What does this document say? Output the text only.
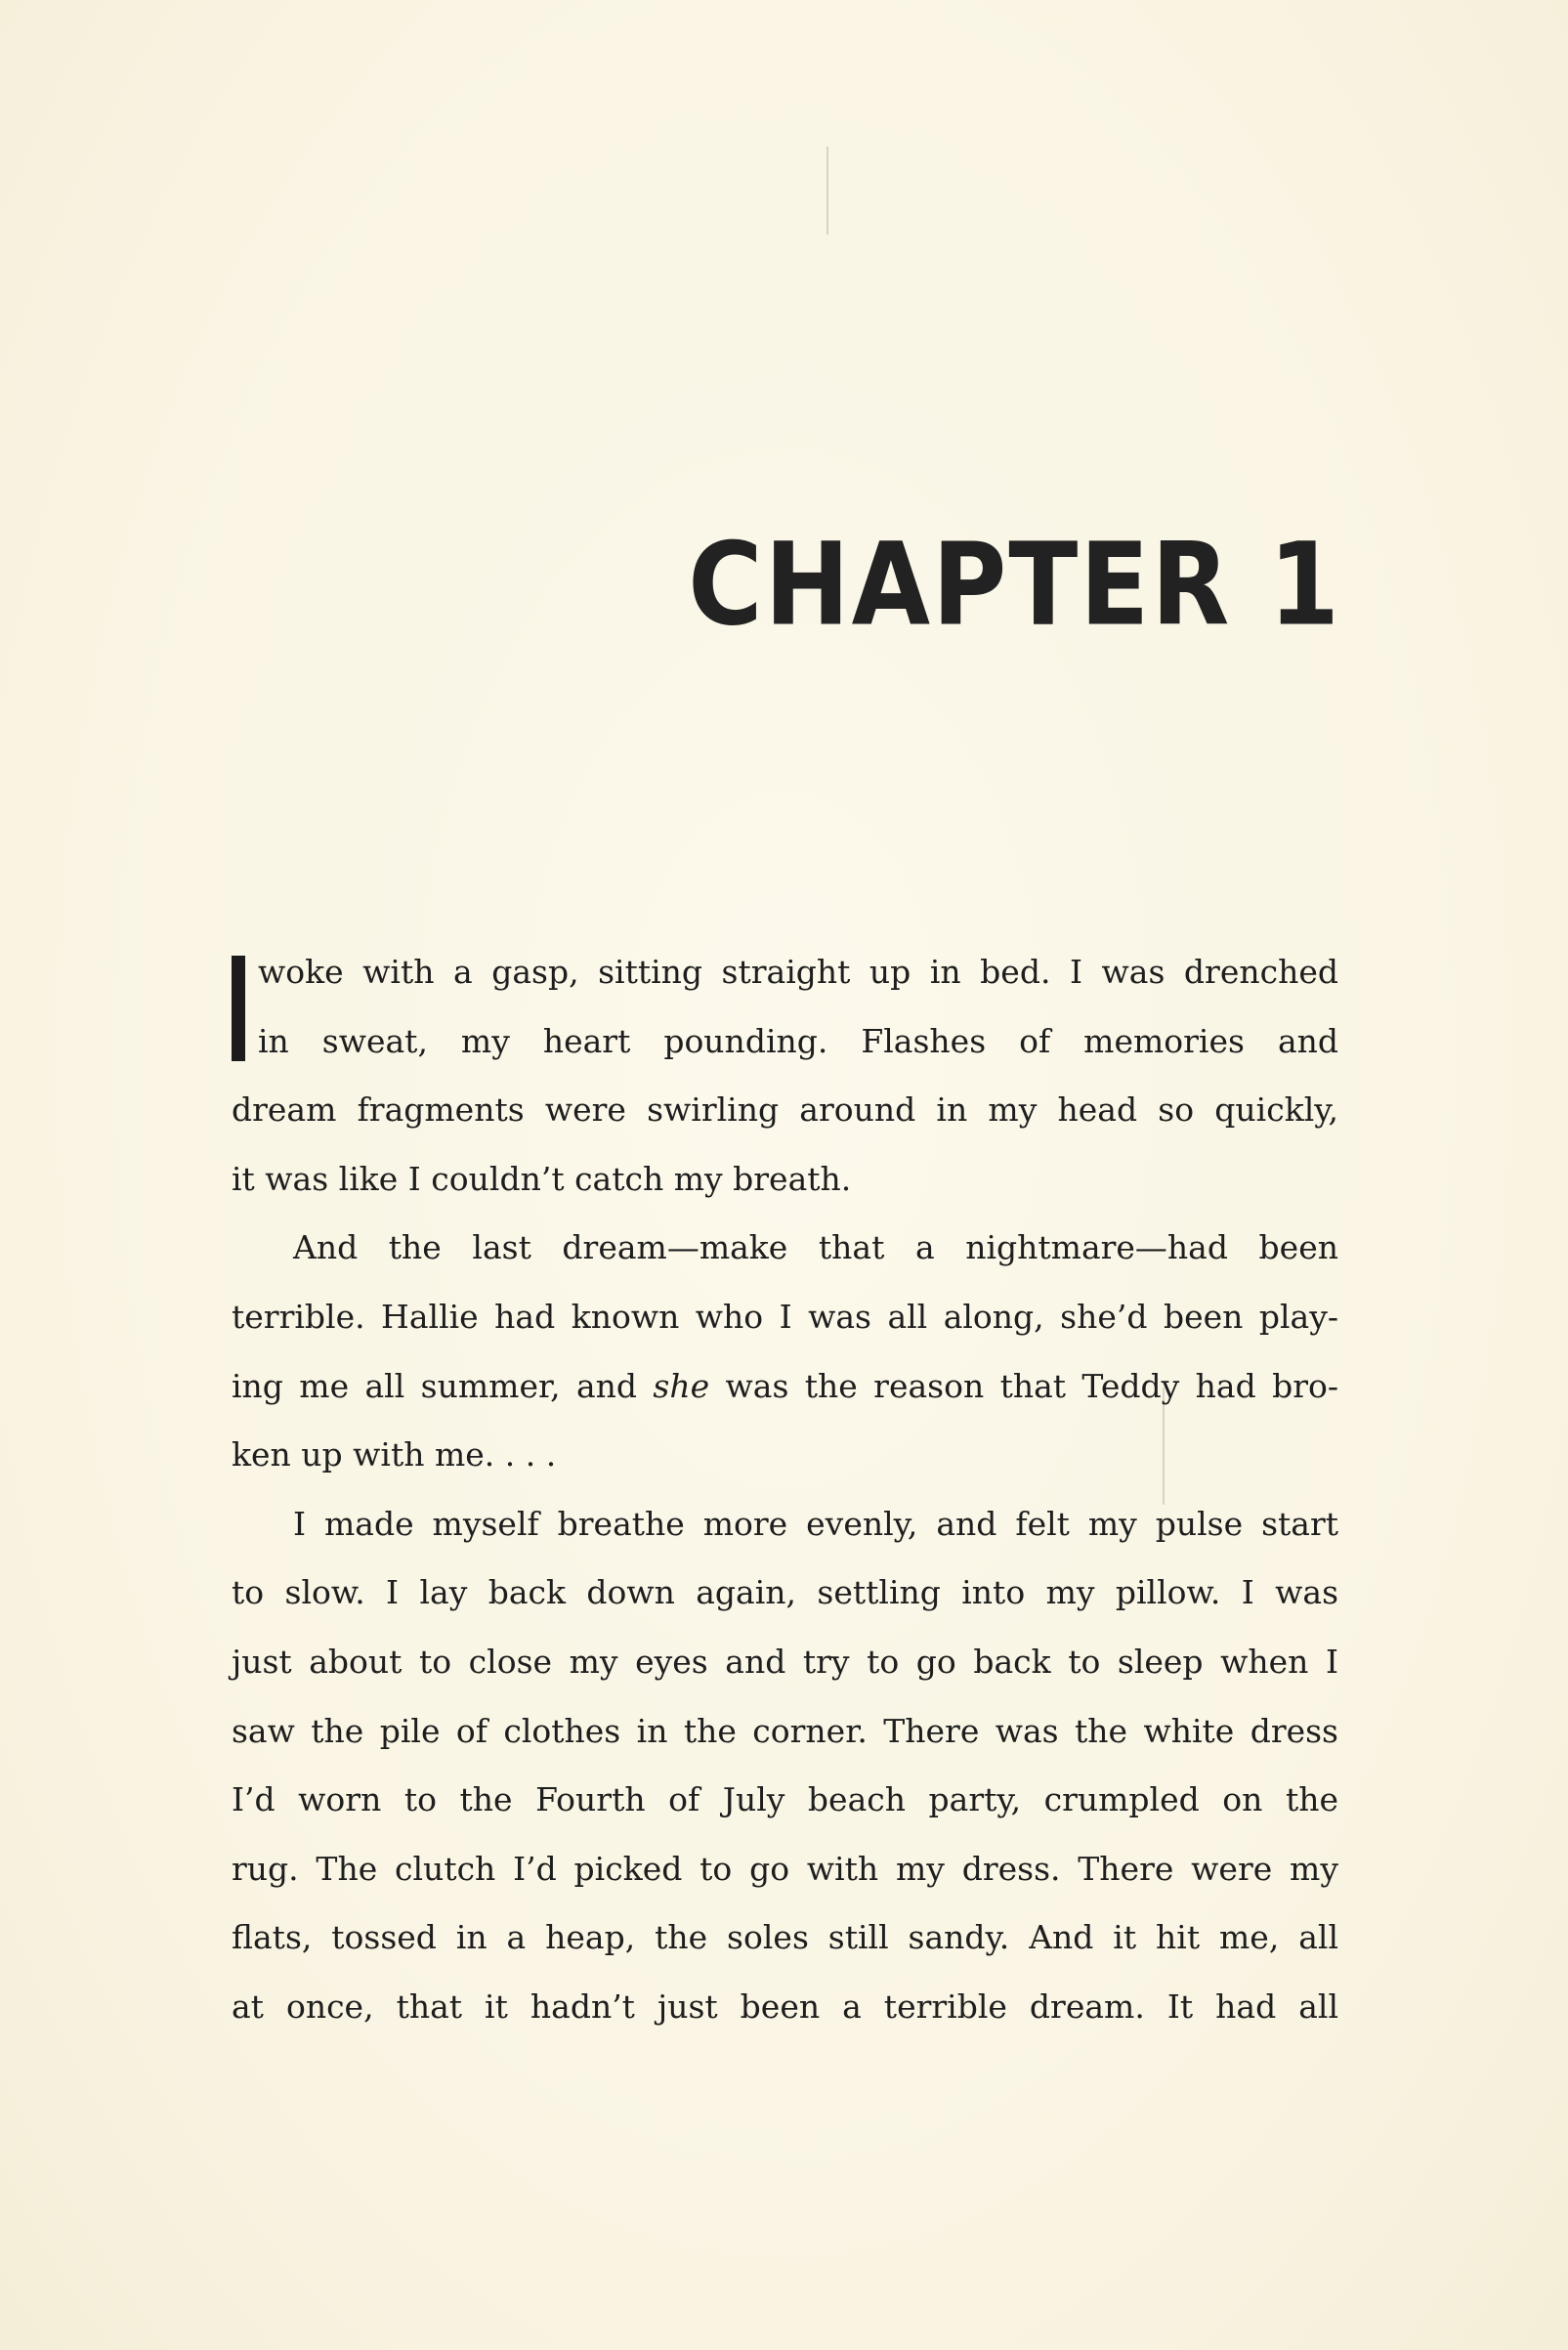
CHAPTER 1
woke with a gasp, sitting straight up in bed. I was drenched
in sweat, my heart pounding. Flashes of memories and
dream fragments were swirling around in my head so quickly,
it was like I couldn’t catch my breath.
And the last dream—make that a nightmare—had been
terrible. Hallie had known who I was all along, she’d been play-
ing me all summer, and she was the reason that Teddy had bro-
ken up with me. . . .
I made myself breathe more evenly, and felt my pulse start
to slow. I lay back down again, settling into my pillow. I was
just about to close my eyes and try to go back to sleep when I
saw the pile of clothes in the corner. There was the white dress
I’d worn to the Fourth of July beach party, crumpled on the
rug. The clutch I’d picked to go with my dress. There were my
flats, tossed in a heap, the soles still sandy. And it hit me, all
at once, that it hadn’t just been a terrible dream. It had all
